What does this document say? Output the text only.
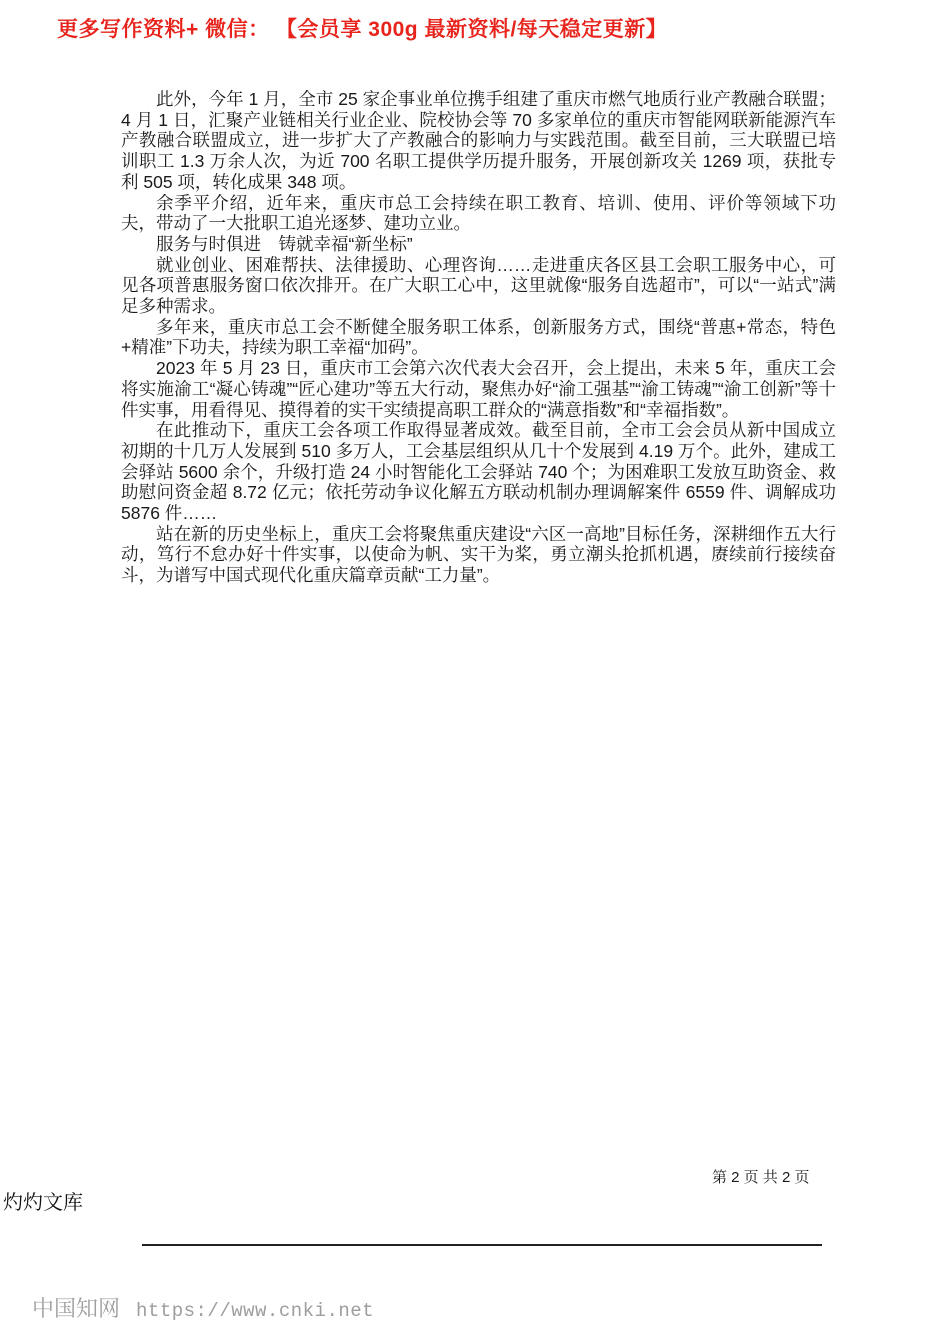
更多写作资料+ 微信： 【会员享 300g 最新资料/每天稳定更新】

此外，今年 1 月，全市 25 家企事业单位携手组建了重庆市燃气地质行业产教融合联盟；4 月 1 日，汇聚产业链相关行业企业、院校协会等 70 多家单位的重庆市智能网联新能源汽车产教融合联盟成立，进一步扩大了产教融合的影响力与实践范围。截至目前，三大联盟已培训职工 1.3 万余人次，为近 700 名职工提供学历提升服务，开展创新攻关 1269 项，获批专利 505 项，转化成果 348 项。

余季平介绍，近年来，重庆市总工会持续在职工教育、培训、使用、评价等领域下功夫，带动了一大批职工追光逐梦、建功立业。

服务与时俱进　铸就幸福“新坐标”

就业创业、困难帮扶、法律援助、心理咨询……走进重庆各区县工会职工服务中心，可见各项普惠服务窗口依次排开。在广大职工心中，这里就像“服务自选超市”，可以“一站式”满足多种需求。

多年来，重庆市总工会不断健全服务职工体系，创新服务方式，围绕“普惠+常态，特色+精准”下功夫，持续为职工幸福“加码”。

2023 年 5 月 23 日，重庆市工会第六次代表大会召开，会上提出，未来 5 年，重庆工会将实施渝工“凝心铸魂”“匠心建功”等五大行动，聚焦办好“渝工强基”“渝工铸魂”“渝工创新”等十件实事，用看得见、摸得着的实干实绩提高职工群众的“满意指数”和“幸福指数”。

在此推动下，重庆工会各项工作取得显著成效。截至目前，全市工会会员从新中国成立初期的十几万人发展到 510 多万人，工会基层组织从几十个发展到 4.19 万个。此外，建成工会驿站 5600 余个，升级打造 24 小时智能化工会驿站 740 个；为困难职工发放互助资金、救助慰问资金超 8.72 亿元；依托劳动争议化解五方联动机制办理调解案件 6559 件、调解成功 5876 件……

站在新的历史坐标上，重庆工会将聚焦重庆建设“六区一高地”目标任务，深耕细作五大行动，笃行不怠办好十件实事，以使命为帆、实干为桨，勇立潮头抢抓机遇，赓续前行接续奋斗，为谱写中国式现代化重庆篇章贡献“工力量”。

第 2 页 共 2 页
灼灼文库
中国知网 https://www.cnki.net
